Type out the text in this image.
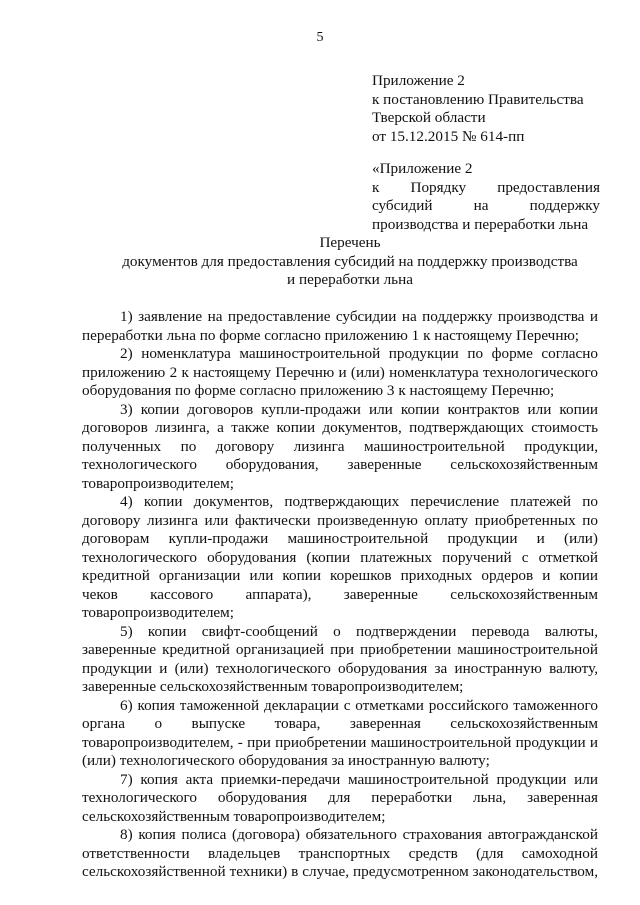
5
Приложение 2
к постановлению Правительства
Тверской области
от 15.12.2015 № 614-пп
«Приложение 2
к Порядку предоставления
субсидий на поддержку
производства и переработки льна
Перечень
документов для предоставления субсидий на поддержку производства
и переработки льна
1) заявление на предоставление субсидии на поддержку производства и
переработки льна по форме согласно приложению 1 к настоящему Перечню;
2) номенклатура машиностроительной продукции по форме согласно
приложению 2 к настоящему Перечню и (или) номенклатура технологического
оборудования по форме согласно приложению 3 к настоящему Перечню;
3) копии договоров купли-продажи или копии контрактов или копии
договоров лизинга, а также копии документов, подтверждающих стоимость
полученных по договору лизинга машиностроительной продукции,
технологического оборудования, заверенные сельскохозяйственным
товаропроизводителем;
4) копии документов, подтверждающих перечисление платежей по
договору лизинга или фактически произведенную оплату приобретенных по
договорам купли-продажи машиностроительной продукции и (или)
технологического оборудования (копии платежных поручений с отметкой
кредитной организации или копии корешков приходных ордеров и копии
чеков кассового аппарата), заверенные сельскохозяйственным
товаропроизводителем;
5) копии свифт-сообщений о подтверждении перевода валюты,
заверенные кредитной организацией при приобретении машиностроительной
продукции и (или) технологического оборудования за иностранную валюту,
заверенные сельскохозяйственным товаропроизводителем;
6) копия таможенной декларации с отметками российского таможенного
органа о выпуске товара, заверенная сельскохозяйственным
товаропроизводителем, - при приобретении машиностроительной продукции и
(или) технологического оборудования за иностранную валюту;
7) копия акта приемки-передачи машиностроительной продукции или
технологического оборудования для переработки льна, заверенная
сельскохозяйственным товаропроизводителем;
8) копия полиса (договора) обязательного страхования автогражданской
ответственности владельцев транспортных средств (для самоходной
сельскохозяйственной техники) в случае, предусмотренном законодательством,
